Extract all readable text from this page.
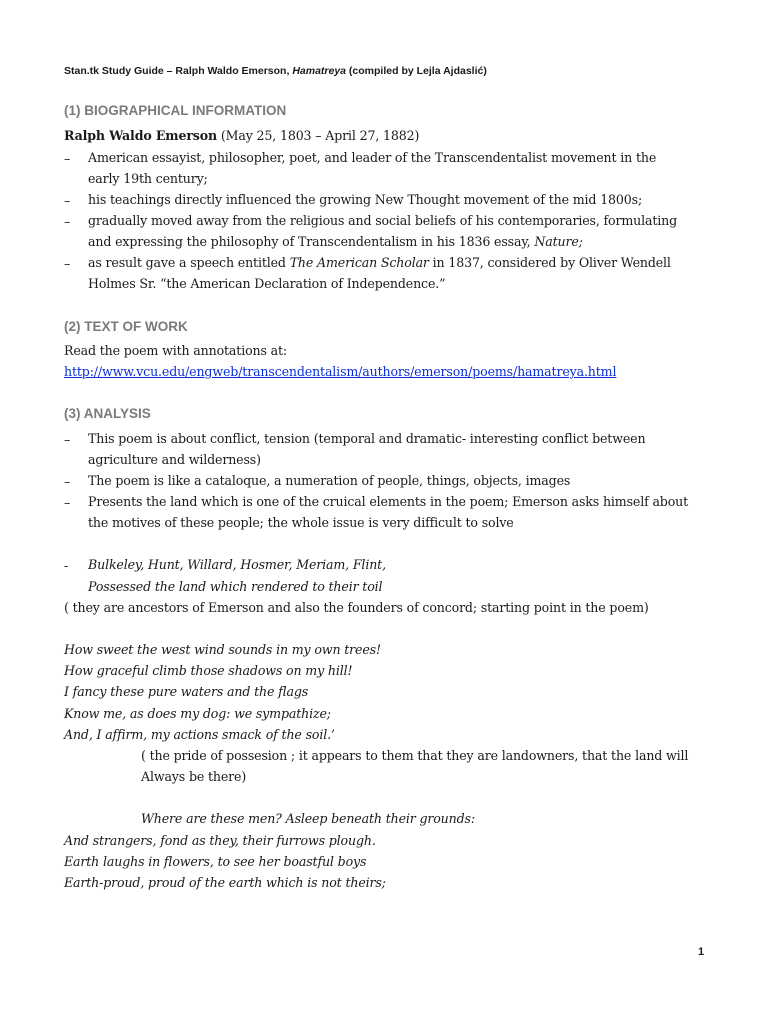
Stan.tk Study Guide – Ralph Waldo Emerson, Hamatreya (compiled by Lejla Ajdaslić)
(1) BIOGRAPHICAL INFORMATION
Ralph Waldo Emerson (May 25, 1803 – April 27, 1882)
– American essayist, philosopher, poet, and leader of the Transcendentalist movement in the
early 19th century;
– his teachings directly influenced the growing New Thought movement of the mid 1800s;
– gradually moved away from the religious and social beliefs of his contemporaries, formulating
and expressing the philosophy of Transcendentalism in his 1836 essay, Nature;
– as result gave a speech entitled The American Scholar in 1837, considered by Oliver Wendell
Holmes Sr. “the American Declaration of Independence.”
(2) TEXT OF WORK
Read the poem with annotations at:
http://www.vcu.edu/engweb/transcendentalism/authors/emerson/poems/hamatreya.html
(3) ANALYSIS
– This poem is about conflict, tension (temporal and dramatic- interesting conflict between
agriculture and wilderness)
– The poem is like a cataloque, a numeration of people, things, objects, images
– Presents the land which is one of the cruical elements in the poem; Emerson asks himself about
the motives of these people; the whole issue is very difficult to solve
- Bulkeley, Hunt, Willard, Hosmer, Meriam, Flint,
Possessed the land which rendered to their toil
( they are ancestors of Emerson and also the founders of concord; starting point in the poem)
How sweet the west wind sounds in my own trees!
How graceful climb those shadows on my hill!
I fancy these pure waters and the flags
Know me, as does my dog: we sympathize;
And, I affirm, my actions smack of the soil.’
( the pride of possesion ; it appears to them that they are landowners, that the land will
Always be there)
Where are these men? Asleep beneath their grounds:
And strangers, fond as they, their furrows plough.
Earth laughs in flowers, to see her boastful boys
Earth-proud, proud of the earth which is not theirs;
1
